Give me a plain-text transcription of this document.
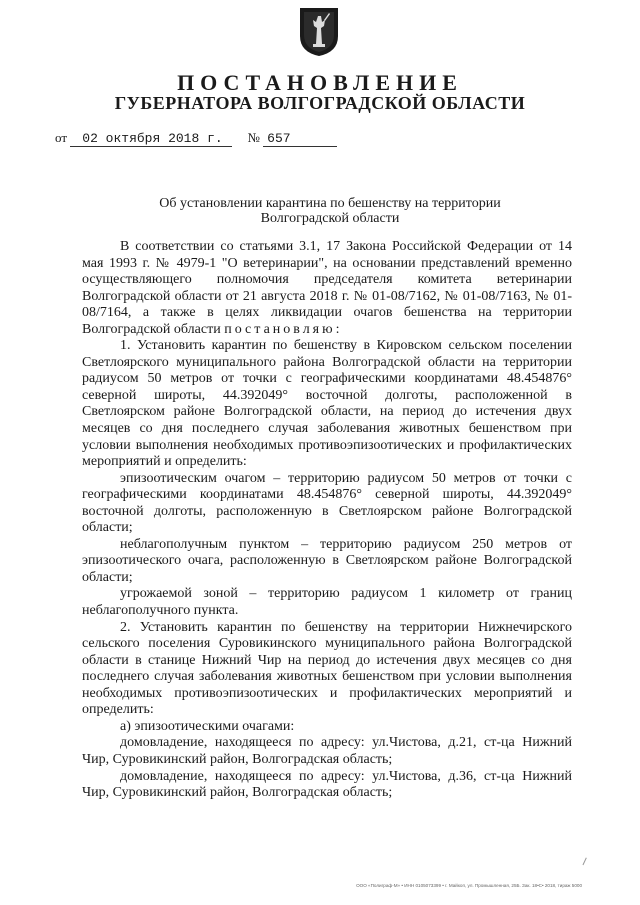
ПОСТАНОВЛЕНИЕ
ГУБЕРНАТОРА ВОЛГОГРАДСКОЙ ОБЛАСТИ
от 02 октября 2018 г. № 657
Об установлении карантина по бешенству на территории
Волгоградской области

В соответствии со статьями 3.1, 17 Закона Российской Федерации от 14 мая 1993 г. № 4979-1 "О ветеринарии", на основании представлений временно осуществляющего полномочия председателя комитета ветеринарии Волгоградской области от 21 августа 2018 г. № 01-08/7162, № 01-08/7163, № 01-08/7164, а также в целях ликвидации очагов бешенства на территории Волгоградской области постановляю:

1. Установить карантин по бешенству в Кировском сельском поселении Светлоярского муниципального района Волгоградской области на территории радиусом 50 метров от точки с географическими координатами 48.454876° северной широты, 44.392049° восточной долготы, расположенной в Светлоярском районе Волгоградской области, на период до истечения двух месяцев со дня последнего случая заболевания животных бешенством при условии выполнения необходимых противоэпизоотических и профилактических мероприятий и определить:

эпизоотическим очагом – территорию радиусом 50 метров от точки с географическими координатами 48.454876° северной широты, 44.392049° восточной долготы, расположенную в Светлоярском районе Волгоградской области;

неблагополучным пунктом – территорию радиусом 250 метров от эпизоотического очага, расположенную в Светлоярском районе Волгоградской области;

угрожаемой зоной – территорию радиусом 1 километр от границ неблагополучного пункта.

2. Установить карантин по бешенству на территории Нижнечирского сельского поселения Суровикинского муниципального района Волгоградской области в станице Нижний Чир на период до истечения двух месяцев со дня последнего случая заболевания животных бешенством при условии выполнения необходимых противоэпизоотических и профилактических мероприятий и определить:

а) эпизоотическими очагами:

домовладение, находящееся по адресу: ул.Чистова, д.21, ст-ца Нижний Чир, Суровикинский район, Волгоградская область;

домовладение, находящееся по адресу: ул.Чистова, д.36, ст-ца Нижний Чир, Суровикинский район, Волгоградская область;

ООО «Полиграф-М» • ИНН 0105073399 • г. Майкоп, ул. Промышленная, 25Б. Зак. 18•С• 2018, тираж 5000
